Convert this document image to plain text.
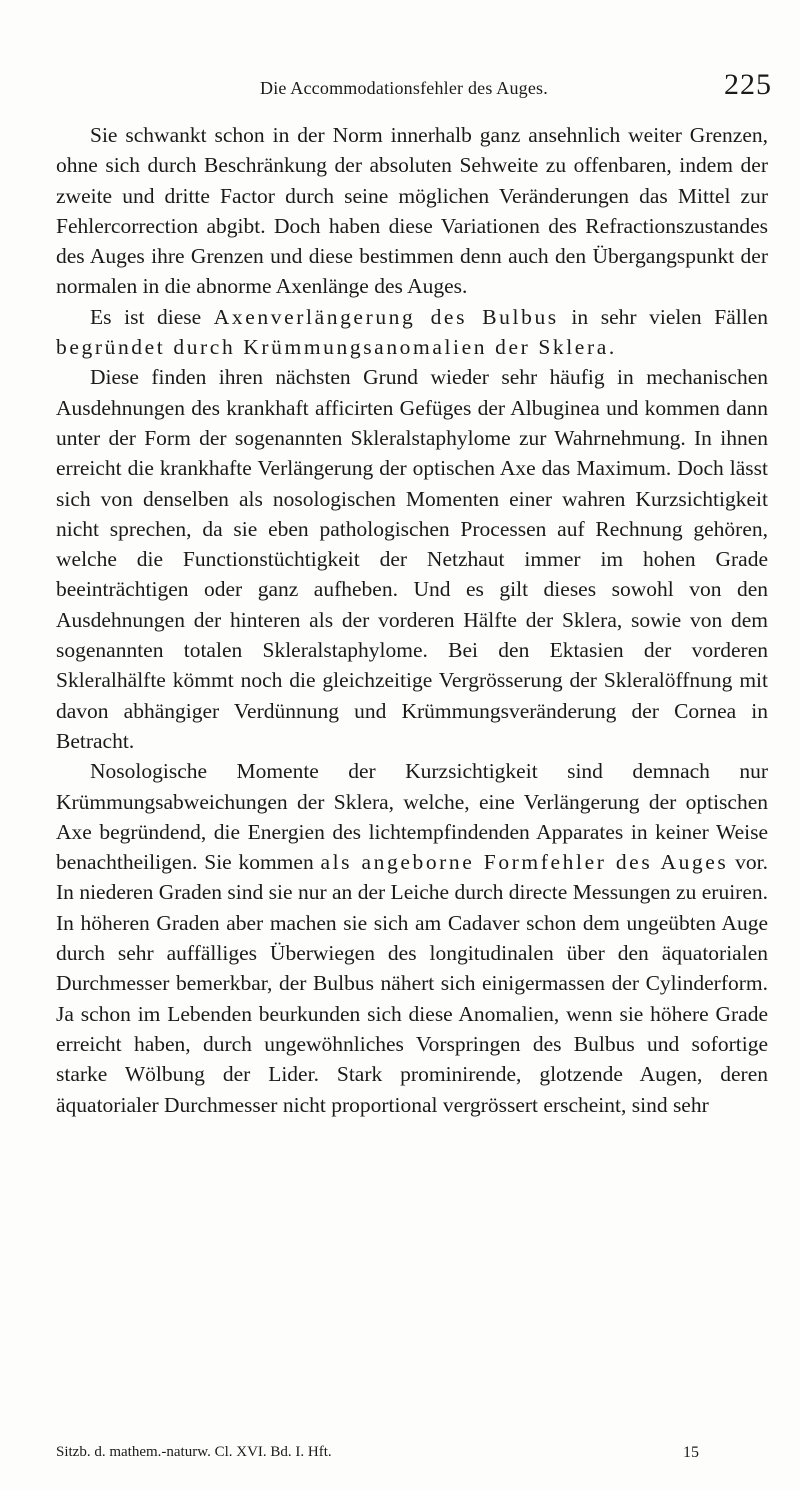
Die Accommodationsfehler des Auges.	225

Sie schwankt schon in der Norm innerhalb ganz ansehnlich weiter Grenzen, ohne sich durch Beschränkung der absoluten Sehweite zu offenbaren, indem der zweite und dritte Factor durch seine möglichen Veränderungen das Mittel zur Fehlercorrection abgibt. Doch haben diese Variationen des Refractionszustandes des Auges ihre Grenzen und diese bestimmen denn auch den Übergangspunkt der normalen in die abnorme Axenlänge des Auges.

Es ist diese Axenverlängerung des Bulbus in sehr vielen Fällen begründet durch Krümmungsanomalien der Sklera.

Diese finden ihren nächsten Grund wieder sehr häufig in mechanischen Ausdehnungen des krankhaft afficirten Gefüges der Albuginea und kommen dann unter der Form der sogenannten Skleralstaphylome zur Wahrnehmung. In ihnen erreicht die krankhafte Verlängerung der optischen Axe das Maximum. Doch lässt sich von denselben als nosologischen Momenten einer wahren Kurzsichtigkeit nicht sprechen, da sie eben pathologischen Processen auf Rechnung gehören, welche die Functionstüchtigkeit der Netzhaut immer im hohen Grade beeinträchtigen oder ganz aufheben. Und es gilt dieses sowohl von den Ausdehnungen der hinteren als der vorderen Hälfte der Sklera, sowie von dem sogenannten totalen Skleralstaphylome. Bei den Ektasien der vorderen Skleralhälfte kömmt noch die gleichzeitige Vergrösserung der Skleralöffnung mit davon abhängiger Verdünnung und Krümmungsveränderung der Cornea in Betracht.

Nosologische Momente der Kurzsichtigkeit sind demnach nur Krümmungsabweichungen der Sklera, welche, eine Verlängerung der optischen Axe begründend, die Energien des lichtempfindenden Apparates in keiner Weise benachtheiligen. Sie kommen als angeborne Formfehler des Auges vor. In niederen Graden sind sie nur an der Leiche durch directe Messungen zu eruiren. In höheren Graden aber machen sie sich am Cadaver schon dem ungeübten Auge durch sehr auffälliges Überwiegen des longitudinalen über den äquatorialen Durchmesser bemerkbar, der Bulbus nähert sich einigermassen der Cylinderform. Ja schon im Lebenden beurkunden sich diese Anomalien, wenn sie höhere Grade erreicht haben, durch ungewöhnliches Vorspringen des Bulbus und sofortige starke Wölbung der Lider. Stark prominirende, glotzende Augen, deren äquatorialer Durchmesser nicht proportional vergrössert erscheint, sind sehr

Sitzb. d. mathem.-naturw. Cl. XVI. Bd. I. Hft.	15
